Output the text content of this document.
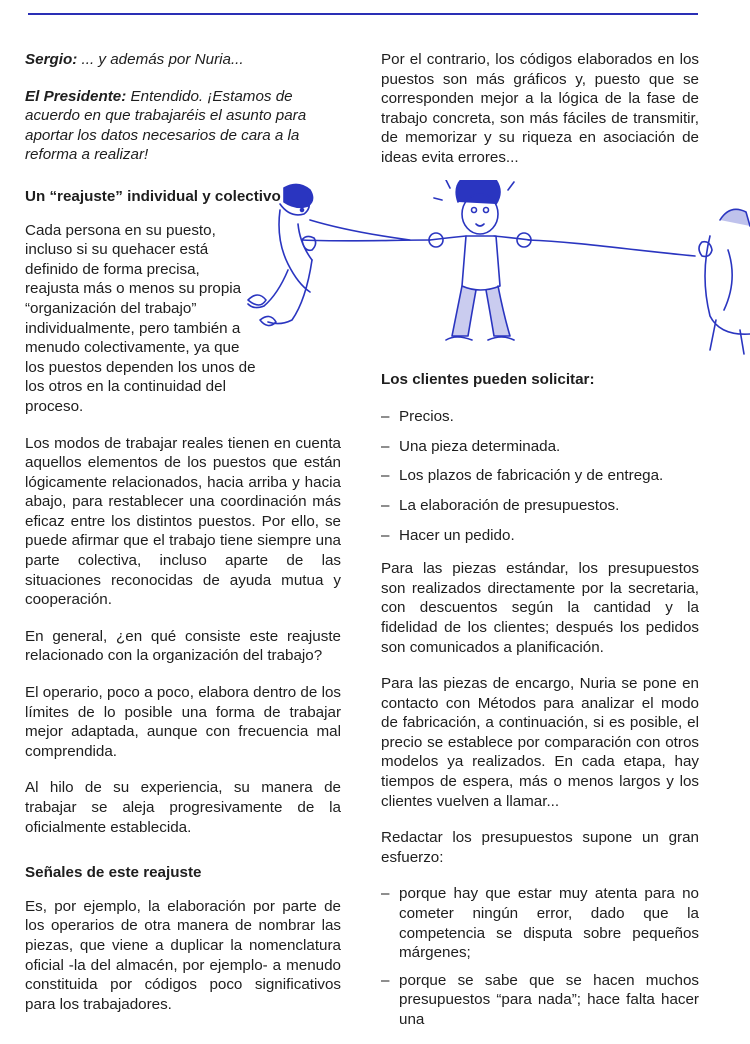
Sergio: ... y además por Nuria...

El Presidente: Entendido. ¡Estamos de acuerdo en que trabajaréis el asunto para aportar los datos necesarios de cara a la reforma a realizar!

Un “reajuste” individual y colectivo

Cada persona en su puesto, incluso si su quehacer está definido de forma precisa, reajusta más o menos su propia “organización del trabajo” individualmente, pero también a menudo colectivamente, ya que los puestos dependen los unos de los otros en la continuidad del proceso.

Los modos de trabajar reales tienen en cuenta aquellos elementos de los puestos que están lógicamente relacionados, hacia arriba y hacia abajo, para restablecer una coordinación más eficaz entre los distintos puestos. Por ello, se puede afirmar que el trabajo tiene siempre una parte colectiva, incluso aparte de las situaciones reconocidas de ayuda mutua y cooperación.

En general, ¿en qué consiste este reajuste relacionado con la organización del trabajo?

El operario, poco a poco, elabora dentro de los límites de lo posible una forma de trabajar mejor adaptada, aunque con frecuencia mal comprendida.

Al hilo de su experiencia, su manera de trabajar se aleja progresivamente de la oficialmente establecida.

Señales de este reajuste

Es, por ejemplo, la elaboración por parte de los operarios de otra manera de nombrar las piezas, que viene a duplicar la nomenclatura oficial -la del almacén, por ejemplo- a menudo constituida por códigos poco significativos para los trabajadores.

Por el contrario, los códigos elaborados en los puestos son más gráficos y, puesto que se corresponden mejor a la lógica de la fase de trabajo concreta, son más fáciles de transmitir, de memorizar y su riqueza en asociación de ideas evita errores...

Los clientes pueden solicitar:
– Precios.
– Una pieza determinada.
– Los plazos de fabricación y de entrega.
– La elaboración de presupuestos.
– Hacer un pedido.

Para las piezas estándar, los presupuestos son realizados directamente por la secretaria, con descuentos según la cantidad y la fidelidad de los clientes; después los pedidos son comunicados a planificación.

Para las piezas de encargo, Nuria se pone en contacto con Métodos para analizar el modo de fabricación, a continuación, si es posible, el precio se establece por comparación con otros modelos ya realizados. En cada etapa, hay tiempos de espera, más o menos largos y los clientes vuelven a llamar...

Redactar los presupuestos supone un gran esfuerzo:

– porque hay que estar muy atenta para no cometer ningún error, dado que la competencia se disputa sobre pequeños márgenes;
– porque se sabe que se hacen muchos presupuestos “para nada”; hace falta hacer una
